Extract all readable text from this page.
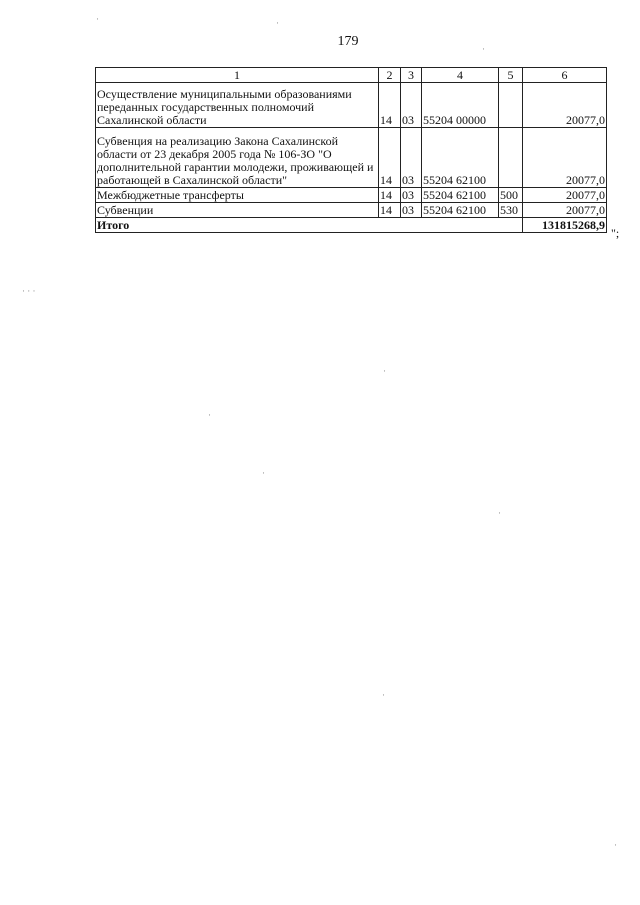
179
1	2	3	4	5	6
Осуществление муниципальными образованиями переданных государственных полномочий Сахалинской области	14	03	55204 00000		20077,0
Субвенция на реализацию Закона Сахалинской области от 23 декабря 2005 года № 106-ЗО "О дополнительной гарантии молодежи, проживающей и работающей в Сахалинской области"	14	03	55204 62100		20077,0
Межбюджетные трансферты	14	03	55204 62100	500	20077,0
Субвенции	14	03	55204 62100	530	20077,0
Итого					131815268,9
";
·	·
·
· · ·
·
·
·
·
·
·
